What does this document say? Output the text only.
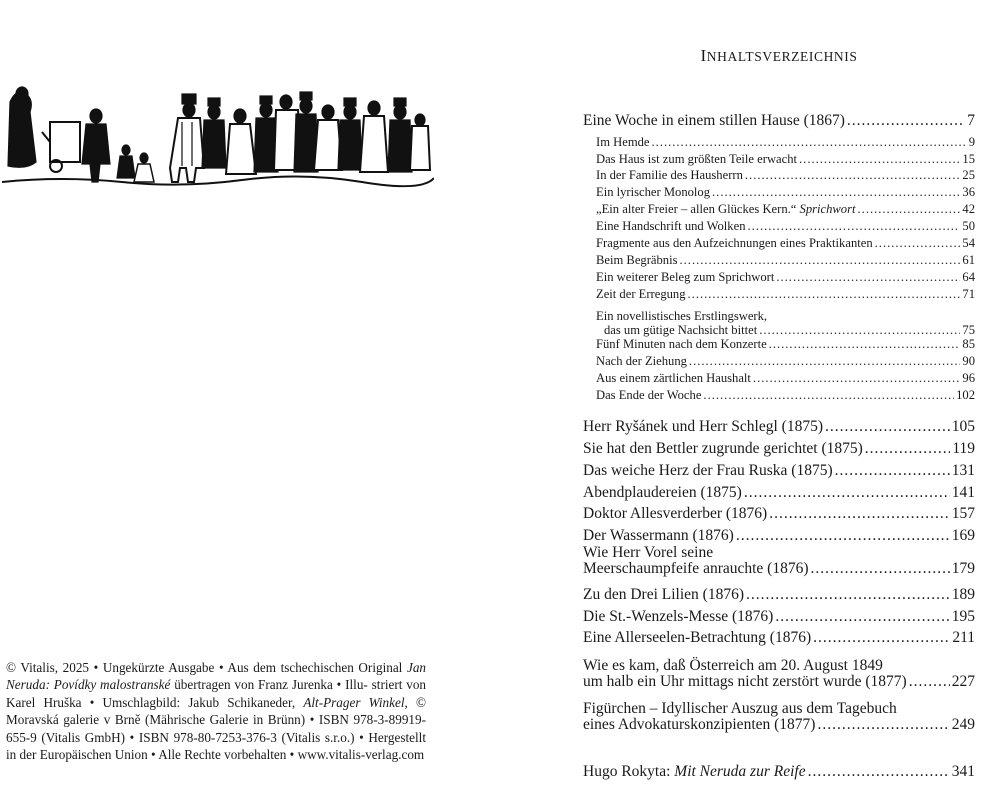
© Vitalis, 2025 • Ungekürzte Ausgabe • Aus dem tschechischen Original Jan Neruda: Povídky malostranské übertragen von Franz Jurenka • Illu- striert von Karel Hruška • Umschlagbild: Jakub Schikaneder, Alt-Prager Winkel, © Moravská galerie v Brně (Mährische Galerie in Brünn) • ISBN 978-3-89919-655-9 (Vitalis GmbH) • ISBN 978-80-7253-376-3 (Vitalis s.r.o.) • Hergestellt in der Europäischen Union • Alle Rechte vorbehalten • www.vitalis-verlag.com
INHALTSVERZEICHNIS
Eine Woche in einem stillen Hause (1867) .....	7
Im Hemde .....	9
Das Haus ist zum größten Teile erwacht .....	15
In der Familie des Hausherrn .....	25
Ein lyrischer Monolog .....	36
„Ein alter Freier – allen Glückes Kern.“ Sprichwort .....	42
Eine Handschrift und Wolken .....	50
Fragmente aus den Aufzeichnungen eines Praktikanten .....	54
Beim Begräbnis .....	61
Ein weiterer Beleg zum Sprichwort .....	64
Zeit der Erregung .....	71
Ein novellistisches Erstlingswerk,
das um gütige Nachsicht bittet .....	75
Fünf Minuten nach dem Konzerte .....	85
Nach der Ziehung .....	90
Aus einem zärtlichen Haushalt .....	96
Das Ende der Woche .....	102
Herr Ryšánek und Herr Schlegl (1875) .....	105
Sie hat den Bettler zugrunde gerichtet (1875) .....	119
Das weiche Herz der Frau Ruska (1875) .....	131
Abendplaudereien (1875) .....	141
Doktor Allesverderber (1876) .....	157
Der Wassermann (1876) .....	169
Wie Herr Vorel seine
Meerschaumpfeife anrauchte (1876) .....	179
Zu den Drei Lilien (1876) .....	189
Die St.-Wenzels-Messe (1876) .....	195
Eine Allerseelen-Betrachtung (1876) .....	211
Wie es kam, daß Österreich am 20. August 1849
um halb ein Uhr mittags nicht zerstört wurde (1877) .....	227
Figürchen – Idyllischer Auszug aus dem Tagebuch
eines Advokaturskonzipienten (1877) .....	249
Hugo Rokyta: Mit Neruda zur Reife .....	341
